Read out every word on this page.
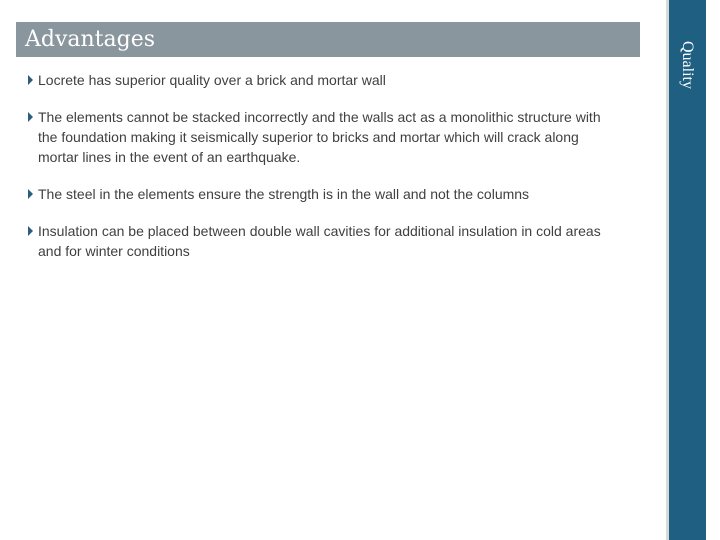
Advantages
Quality
Locrete has superior quality over a brick and mortar wall
The elements cannot be stacked incorrectly and the walls act as a monolithic structure with the foundation making it seismically superior to bricks and mortar which will crack along mortar lines in the event of an earthquake.
The steel in the elements ensure the strength is in the wall and not the columns
Insulation can be placed between double wall cavities for additional insulation in cold areas and for winter conditions
